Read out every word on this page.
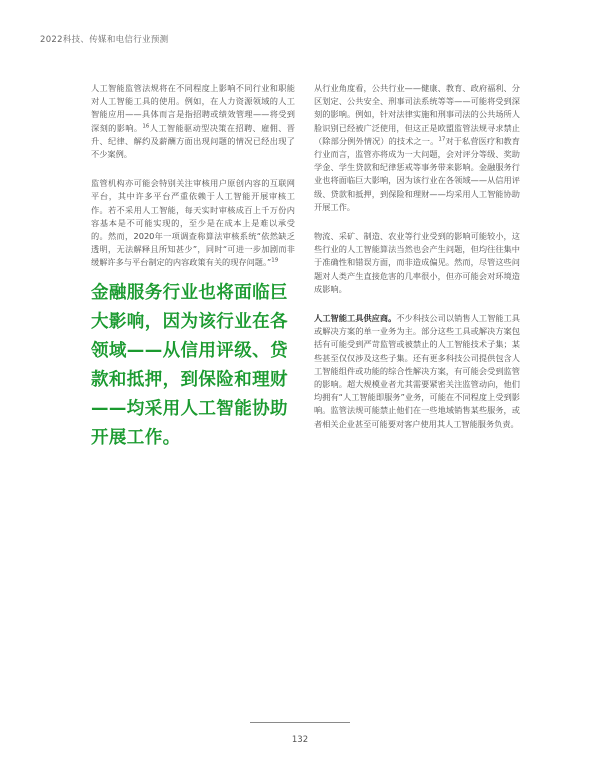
2022科技、传媒和电信行业预测

人工智能监管法规将在不同程度上影响不同行业和职能对人工智能工具的使用。例如，在人力资源领域的人工智能应用——具体而言是指招聘或绩效管理——将受到深刻的影响。$^{16}$人工智能驱动型决策在招聘、雇佣、晋升、纪律、解约及薪酬方面出现问题的情况已经出现了不少案例。

监管机构亦可能会特别关注审核用户原创内容的互联网平台，其中许多平台严重依赖于人工智能开展审核工作。若不采用人工智能，每天实时审核成百上千万份内容基本是不可能实现的，至少是在成本上是难以承受的。然而，2020年一项调查称算法审核系统“依然缺乏透明，无法解释且所知甚少”，同时“可进一步加剧而非缓解许多与平台制定的内容政策有关的现存问题。”$^{19}$

金融服务行业也将面临巨大影响，因为该行业在各领域——从信用评级、贷款和抵押，到保险和理财——均采用人工智能协助开展工作。

从行业角度看，公共行业——健康、教育、政府福利、分区划定、公共安全、刑事司法系统等等——可能将受到深刻的影响。例如，针对法律实施和刑事司法的公共场所人脸识别已经被广泛使用，但这正是欧盟监管法规寻求禁止（除部分例外情况）的技术之一。$^{17}$对于私营医疗和教育行业而言，监管亦将成为一大问题，会对评分等级、奖助学金、学生贷款和纪律惩戒等事务带来影响。金融服务行业也将面临巨大影响，因为该行业在各领域——从信用评级、贷款和抵押，到保险和理财——均采用人工智能协助开展工作。

物流、采矿、制造、农业等行业受到的影响可能较小，这些行业的人工智能算法当然也会产生问题，但均往往集中于准确性和错误方面，而非造成偏见。然而，尽管这些问题对人类产生直接危害的几率很小，但亦可能会对环境造成影响。

人工智能工具供应商。不少科技公司以销售人工智能工具或解决方案的单一业务为主。部分这些工具或解决方案包括有可能受到严苛监管或被禁止的人工智能技术子集；某些甚至仅仅涉及这些子集。还有更多科技公司提供包含人工智能组件或功能的综合性解决方案，有可能会受到监管的影响。超大规模业者尤其需要紧密关注监管动向，他们均拥有“人工智能即服务”业务，可能在不同程度上受到影响。监管法规可能禁止他们在一些地域销售某些服务，或者相关企业甚至可能要对客户使用其人工智能服务负责。

132
